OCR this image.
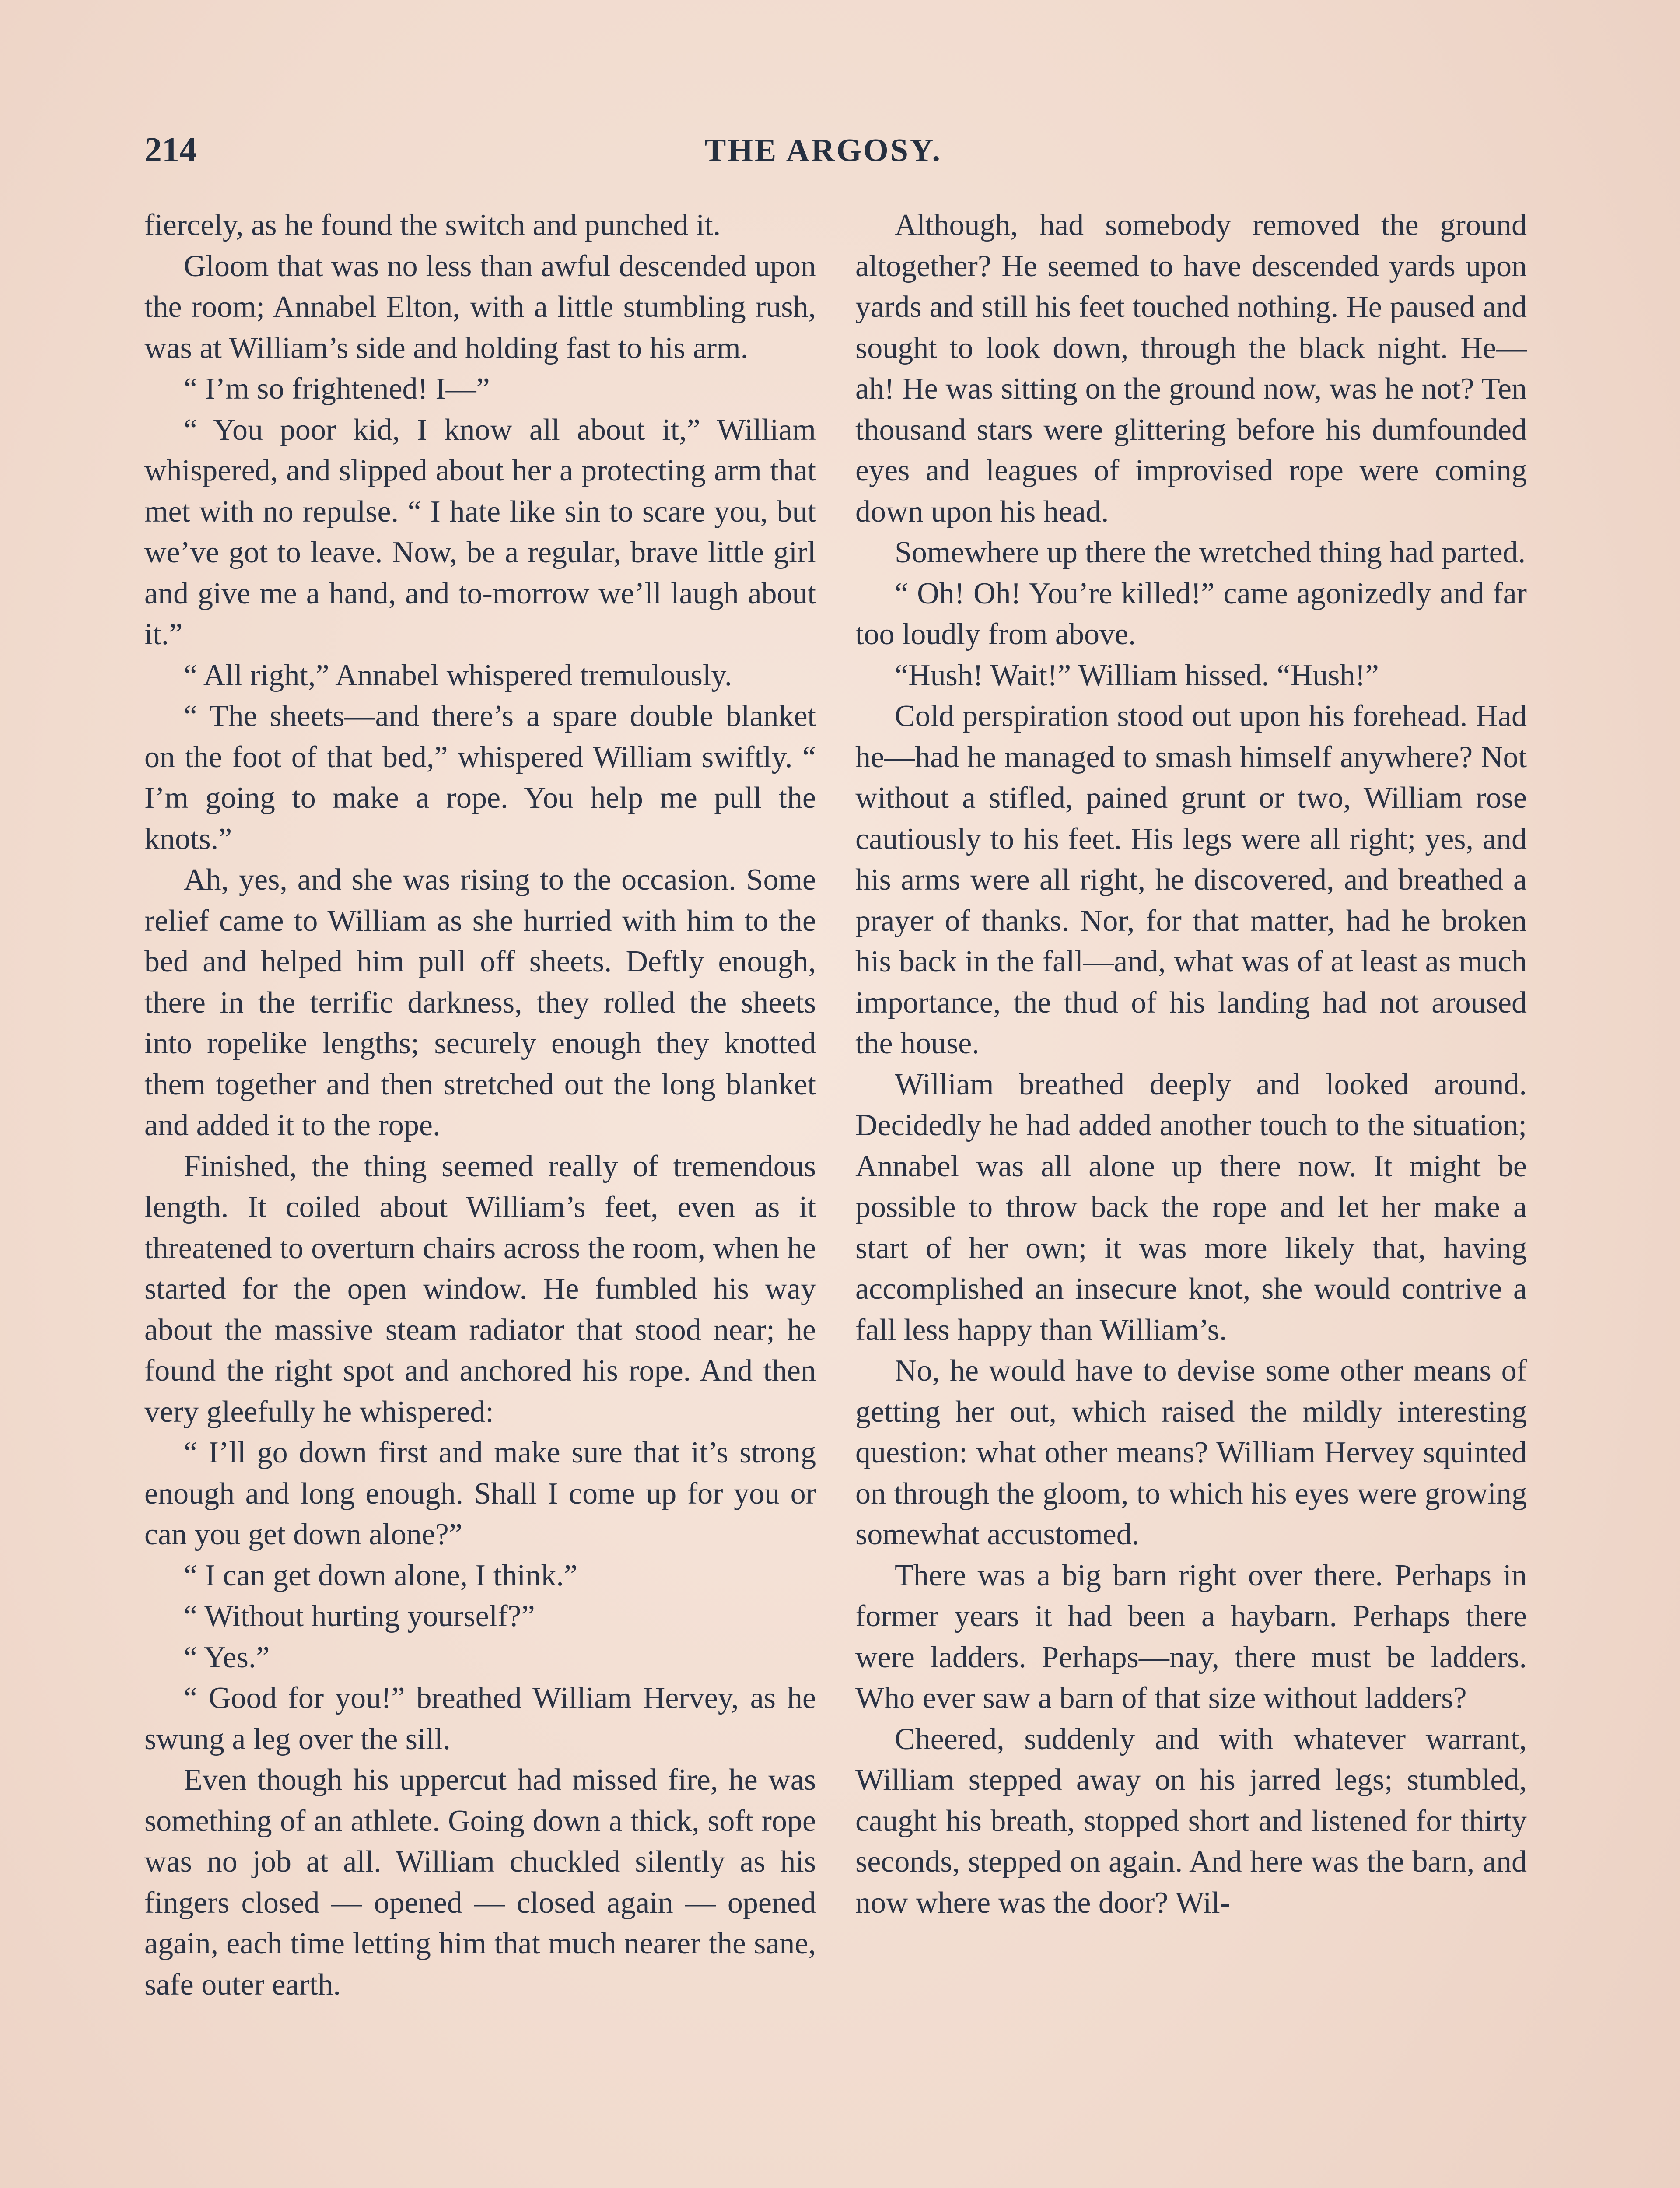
214	THE ARGOSY.

fiercely, as he found the switch and punched it.

Gloom that was no less than awful descended upon the room; Annabel Elton, with a little stumbling rush, was at William’s side and holding fast to his arm.

“ I’m so frightened! I—”

“ You poor kid, I know all about it,” William whispered, and slipped about her a protecting arm that met with no repulse. “ I hate like sin to scare you, but we’ve got to leave. Now, be a regular, brave little girl and give me a hand, and to-morrow we’ll laugh about it.”

“ All right,” Annabel whispered tremulously.

“ The sheets—and there’s a spare double blanket on the foot of that bed,” whispered William swiftly. “ I’m going to make a rope. You help me pull the knots.”

Ah, yes, and she was rising to the occasion. Some relief came to William as she hurried with him to the bed and helped him pull off sheets. Deftly enough, there in the terrific darkness, they rolled the sheets into ropelike lengths; securely enough they knotted them together and then stretched out the long blanket and added it to the rope.

Finished, the thing seemed really of tremendous length. It coiled about William’s feet, even as it threatened to overturn chairs across the room, when he started for the open window. He fumbled his way about the massive steam radiator that stood near; he found the right spot and anchored his rope. And then very gleefully he whispered:

“ I’ll go down first and make sure that it’s strong enough and long enough. Shall I come up for you or can you get down alone?”

“ I can get down alone, I think.”

“ Without hurting yourself?”

“ Yes.”

“ Good for you!” breathed William Hervey, as he swung a leg over the sill.

Even though his uppercut had missed fire, he was something of an athlete. Going down a thick, soft rope was no job at all. William chuckled silently as his fingers closed — opened — closed again — opened again, each time letting him that much nearer the sane, safe outer earth.

Although, had somebody removed the ground altogether? He seemed to have descended yards upon yards and still his feet touched nothing. He paused and sought to look down, through the black night. He—ah! He was sitting on the ground now, was he not? Ten thousand stars were glittering before his dumfounded eyes and leagues of improvised rope were coming down upon his head.

Somewhere up there the wretched thing had parted.

“ Oh! Oh! You’re killed!” came agonizedly and far too loudly from above.

“Hush! Wait!” William hissed. “Hush!”

Cold perspiration stood out upon his forehead. Had he—had he managed to smash himself anywhere? Not without a stifled, pained grunt or two, William rose cautiously to his feet. His legs were all right; yes, and his arms were all right, he discovered, and breathed a prayer of thanks. Nor, for that matter, had he broken his back in the fall—and, what was of at least as much importance, the thud of his landing had not aroused the house.

William breathed deeply and looked around. Decidedly he had added another touch to the situation; Annabel was all alone up there now. It might be possible to throw back the rope and let her make a start of her own; it was more likely that, having accomplished an insecure knot, she would contrive a fall less happy than William’s.

No, he would have to devise some other means of getting her out, which raised the mildly interesting question: what other means? William Hervey squinted on through the gloom, to which his eyes were growing somewhat accustomed.

There was a big barn right over there. Perhaps in former years it had been a haybarn. Perhaps there were ladders. Perhaps—nay, there must be ladders. Who ever saw a barn of that size without ladders?

Cheered, suddenly and with whatever warrant, William stepped away on his jarred legs; stumbled, caught his breath, stopped short and listened for thirty seconds, stepped on again. And here was the barn, and now where was the door? Wil-
